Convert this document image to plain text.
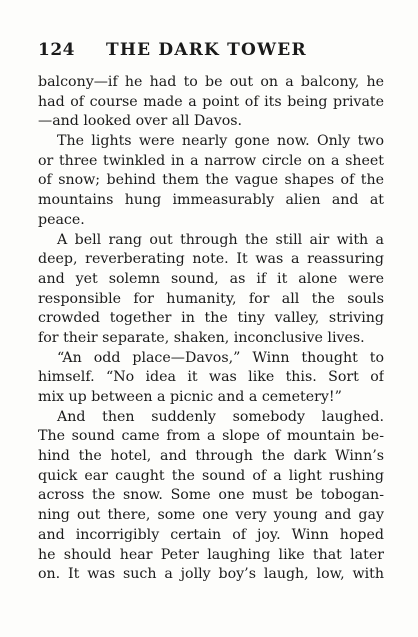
124 THE DARK TOWER
balcony—if he had to be out on a balcony, he
had of course made a point of its being private
—and looked over all Davos.
The lights were nearly gone now. Only two
or three twinkled in a narrow circle on a sheet
of snow; behind them the vague shapes of the
mountains hung immeasurably alien and at
peace.
A bell rang out through the still air with a
deep, reverberating note. It was a reassuring
and yet solemn sound, as if it alone were
responsible for humanity, for all the souls
crowded together in the tiny valley, striving
for their separate, shaken, inconclusive lives.
“An odd place—Davos,” Winn thought to
himself. “No idea it was like this. Sort of
mix up between a picnic and a cemetery!”
And then suddenly somebody laughed.
The sound came from a slope of mountain be-
hind the hotel, and through the dark Winn’s
quick ear caught the sound of a light rushing
across the snow. Some one must be tobogan-
ning out there, some one very young and gay
and incorrigibly certain of joy. Winn hoped
he should hear Peter laughing like that later
on. It was such a jolly boy’s laugh, low, with
